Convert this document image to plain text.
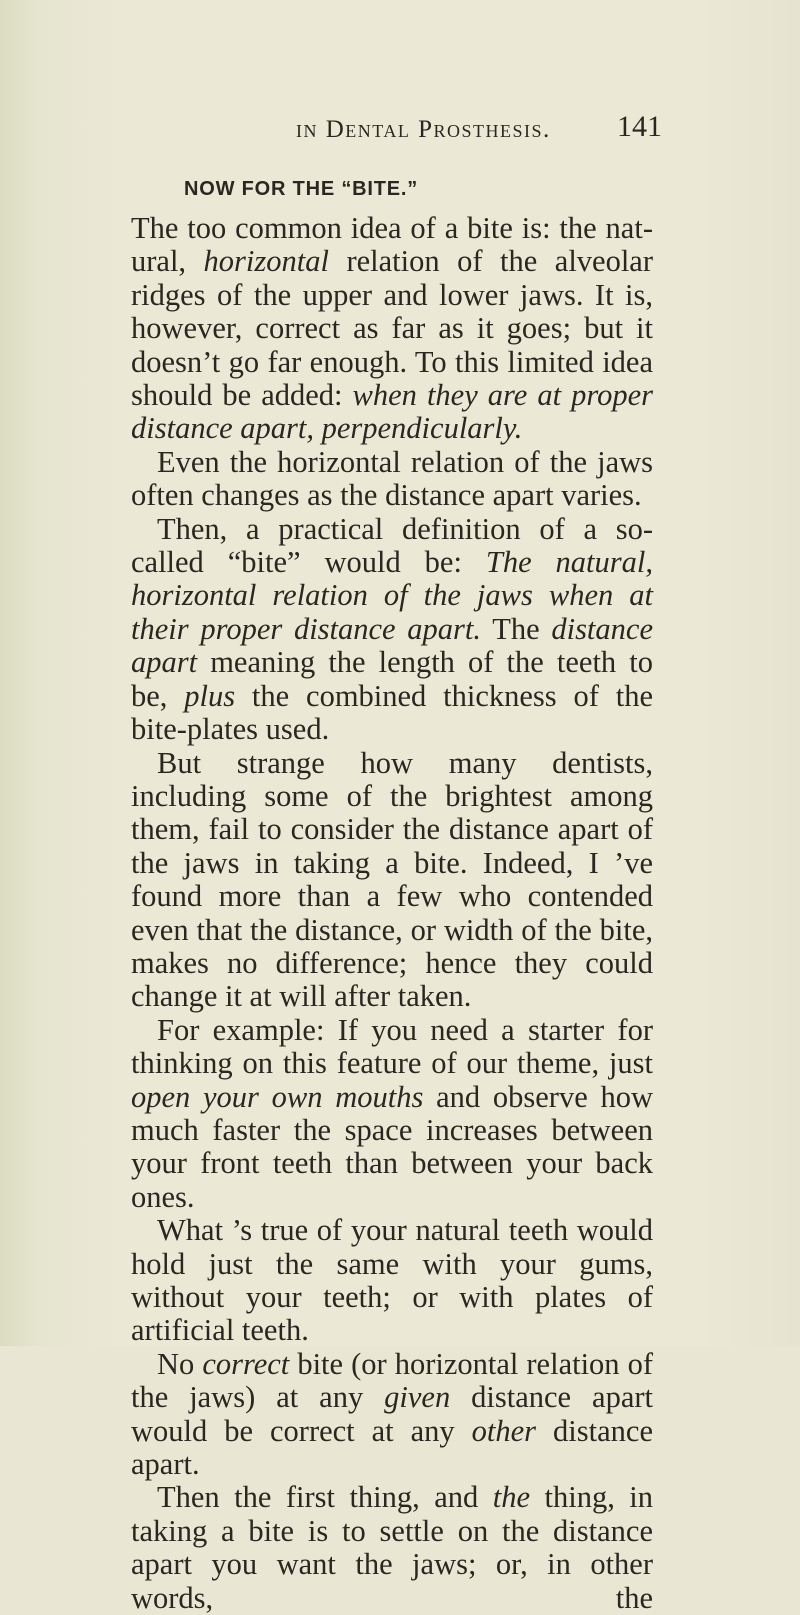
in Dental Prosthesis. 141
NOW FOR THE “BITE.”

The too common idea of a bite is: the natural, horizontal relation of the alveolar ridges of the upper and lower jaws. It is, however, correct as far as it goes; but it doesn’t go far enough. To this limited idea should be added: when they are at proper distance apart, perpendicularly.

Even the horizontal relation of the jaws often changes as the distance apart varies.

Then, a practical definition of a so-called “bite” would be: The natural, horizontal relation of the jaws when at their proper distance apart. The distance apart meaning the length of the teeth to be, plus the combined thickness of the bite-plates used.

But strange how many dentists, including some of the brightest among them, fail to consider the distance apart of the jaws in taking a bite. Indeed, I ’ve found more than a few who contended even that the distance, or width of the bite, makes no difference; hence they could change it at will after taken.

For example: If you need a starter for thinking on this feature of our theme, just open your own mouths and observe how much faster the space increases between your front teeth than between your back ones.

What ’s true of your natural teeth would hold just the same with your gums, without your teeth; or with plates of artificial teeth.

No correct bite (or horizontal relation of the jaws) at any given distance apart would be correct at any other distance apart.

Then the first thing, and the thing, in taking a bite is to settle on the distance apart you want the jaws; or, in other words, the
